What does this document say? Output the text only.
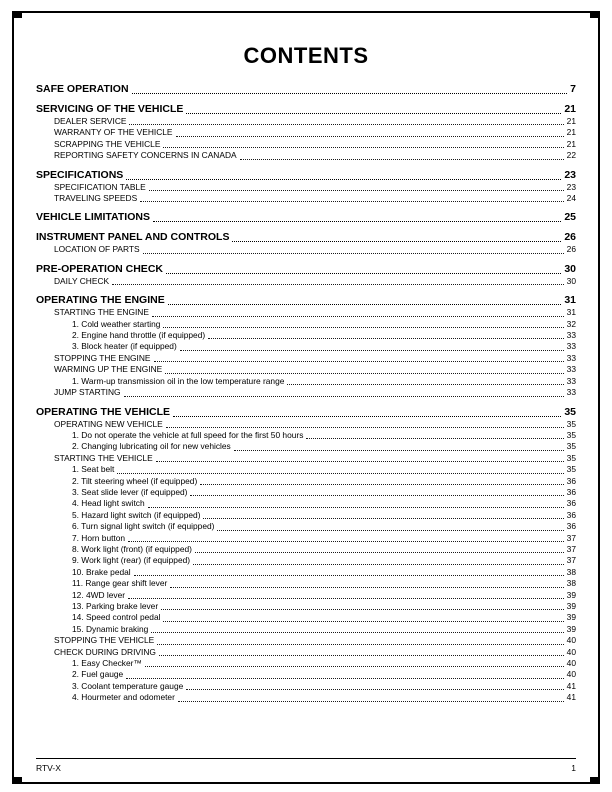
CONTENTS
SAFE OPERATION	7
SERVICING OF THE VEHICLE	21
DEALER SERVICE	21
WARRANTY OF THE VEHICLE	21
SCRAPPING THE VEHICLE	21
REPORTING SAFETY CONCERNS IN CANADA	22
SPECIFICATIONS	23
SPECIFICATION TABLE	23
TRAVELING SPEEDS	24
VEHICLE LIMITATIONS	25
INSTRUMENT PANEL AND CONTROLS	26
LOCATION OF PARTS	26
PRE-OPERATION CHECK	30
DAILY CHECK	30
OPERATING THE ENGINE	31
STARTING THE ENGINE	31
1. Cold weather starting	32
2. Engine hand throttle (if equipped)	33
3. Block heater (if equipped)	33
STOPPING THE ENGINE	33
WARMING UP THE ENGINE	33
1. Warm-up transmission oil in the low temperature range	33
JUMP STARTING	33
OPERATING THE VEHICLE	35
OPERATING NEW VEHICLE	35
1. Do not operate the vehicle at full speed for the first 50 hours	35
2. Changing lubricating oil for new vehicles	35
STARTING THE VEHICLE	35
1. Seat belt	35
2. Tilt steering wheel (if equipped)	36
3. Seat slide lever (if equipped)	36
4. Head light switch	36
5. Hazard light switch (if equipped)	36
6. Turn signal light switch (if equipped)	36
7. Horn button	37
8. Work light (front) (if equipped)	37
9. Work light (rear) (if equipped)	37
10. Brake pedal	38
11. Range gear shift lever	38
12. 4WD lever	39
13. Parking brake lever	39
14. Speed control pedal	39
15. Dynamic braking	39
STOPPING THE VEHICLE	40
CHECK DURING DRIVING	40
1. Easy Checker™	40
2. Fuel gauge	40
3. Coolant temperature gauge	41
4. Hourmeter and odometer	41
RTV-X	1
